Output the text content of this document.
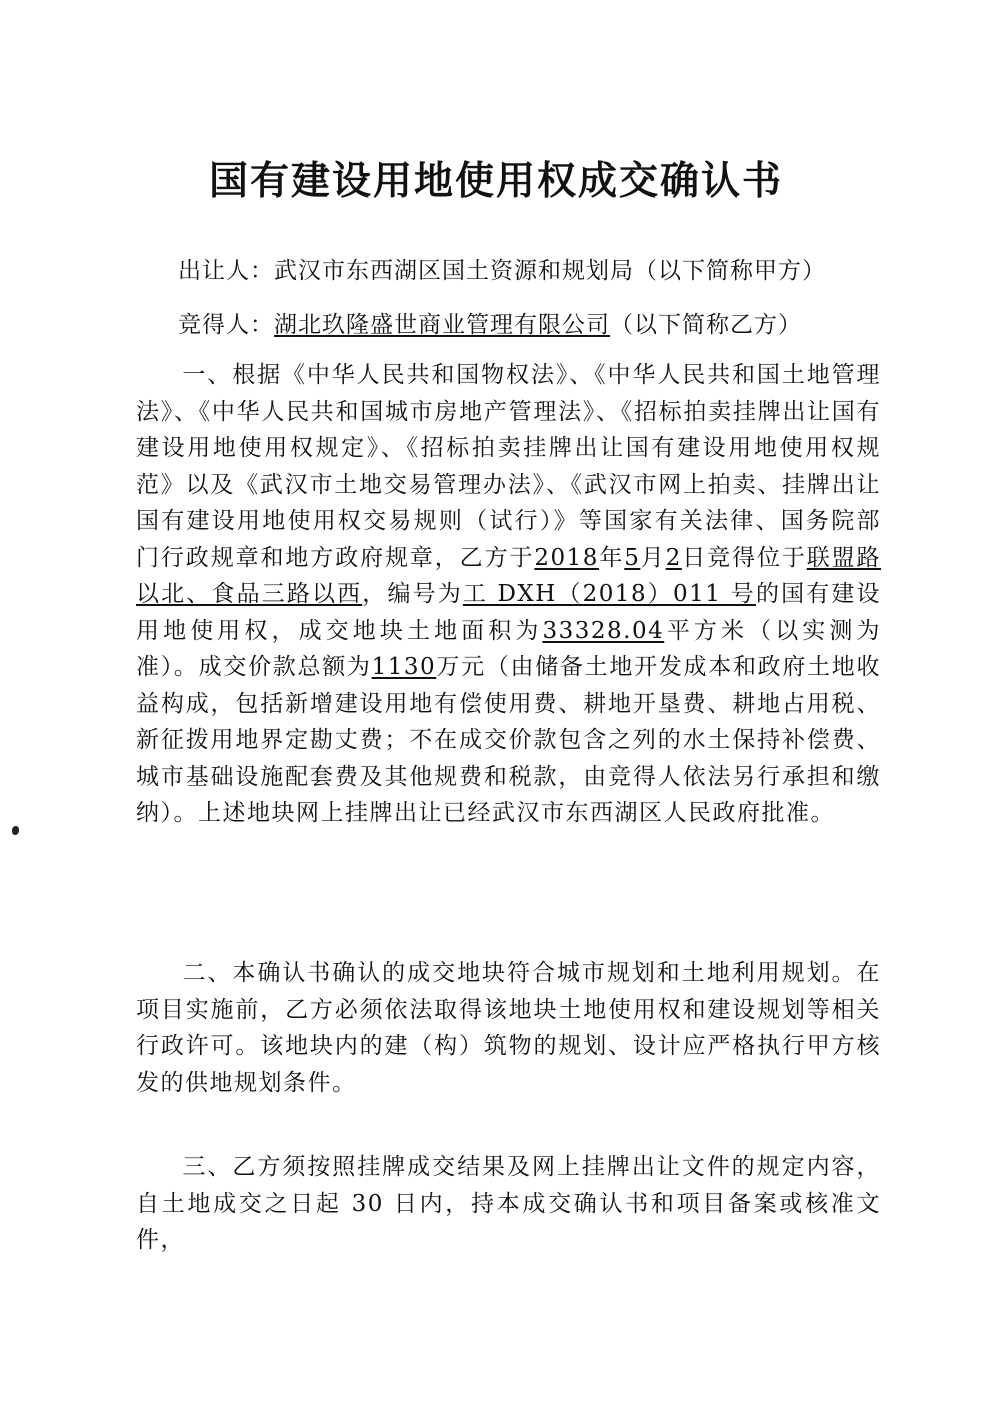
国有建设用地使用权成交确认书
出让人：武汉市东西湖区国土资源和规划局（以下简称甲方）
竞得人：湖北玖隆盛世商业管理有限公司（以下简称乙方）

一、根据《中华人民共和国物权法》、《中华人民共和国土地管理法》、《中华人民共和国城市房地产管理法》、《招标拍卖挂牌出让国有建设用地使用权规定》、《招标拍卖挂牌出让国有建设用地使用权规范》以及《武汉市土地交易管理办法》、《武汉市网上拍卖、挂牌出让国有建设用地使用权交易规则（试行）》等国家有关法律、国务院部门行政规章和地方政府规章，乙方于2018年5月2日竞得位于联盟路以北、食品三路以西，编号为工 DXH（2018）011 号的国有建设用地使用权，成交地块土地面积为33328.04平方米（以实测为准）。成交价款总额为1130万元（由储备土地开发成本和政府土地收益构成，包括新增建设用地有偿使用费、耕地开垦费、耕地占用税、新征拨用地界定勘丈费；不在成交价款包含之列的水土保持补偿费、城市基础设施配套费及其他规费和税款，由竞得人依法另行承担和缴纳）。上述地块网上挂牌出让已经武汉市东西湖区人民政府批准。

二、本确认书确认的成交地块符合城市规划和土地利用规划。在项目实施前，乙方必须依法取得该地块土地使用权和建设规划等相关行政许可。该地块内的建（构）筑物的规划、设计应严格执行甲方核发的供地规划条件。

三、乙方须按照挂牌成交结果及网上挂牌出让文件的规定内容，自土地成交之日起 30 日内，持本成交确认书和项目备案或核准文件，
